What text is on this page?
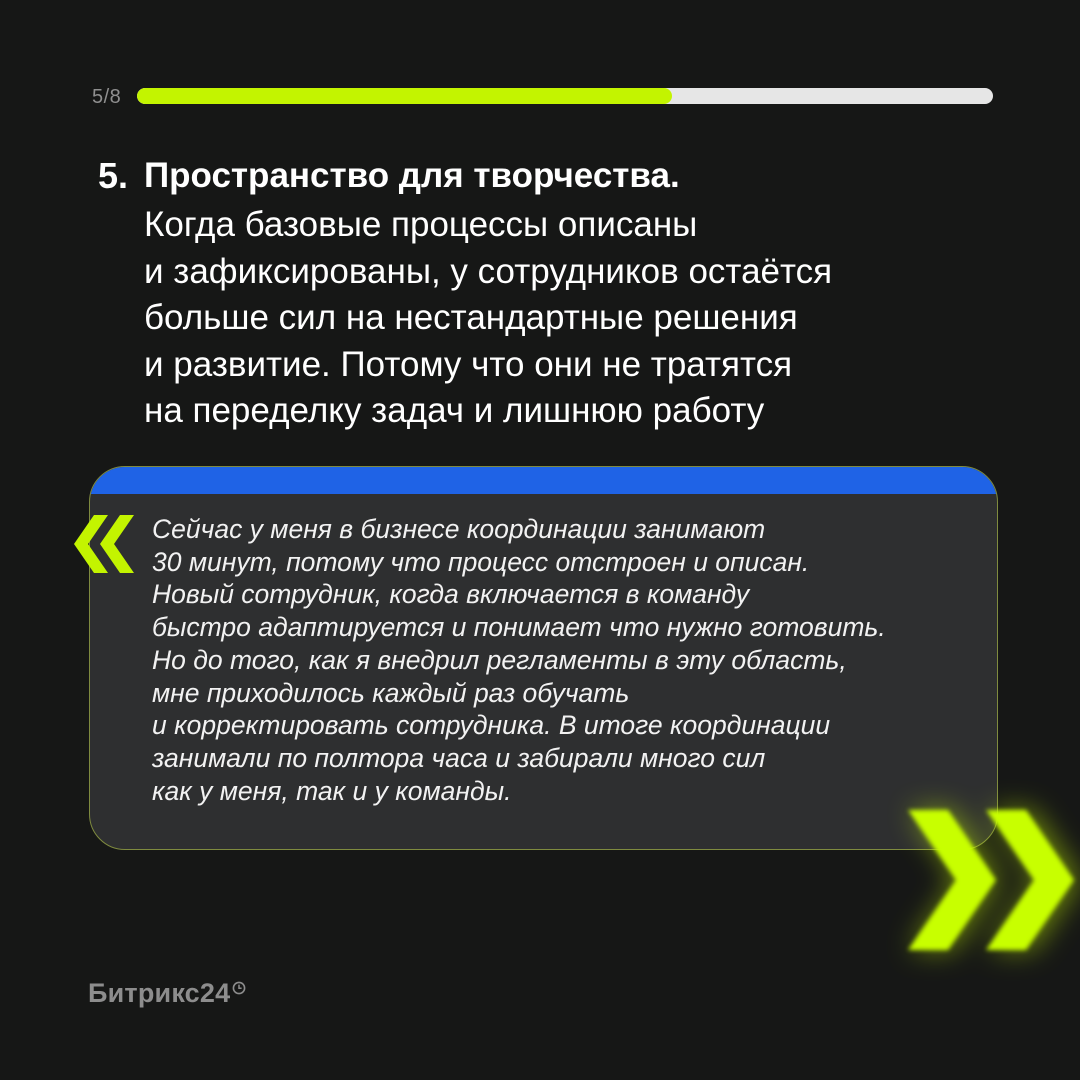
5/8
5. Пространство для творчества.
Когда базовые процессы описаны
и зафиксированы, у сотрудников остаётся
больше сил на нестандартные решения
и развитие. Потому что они не тратятся
на переделку задач и лишнюю работу
Сейчас у меня в бизнесе координации занимают
30 минут, потому что процесс отстроен и описан.
Новый сотрудник, когда включается в команду
быстро адаптируется и понимает что нужно готовить.
Но до того, как я внедрил регламенты в эту область,
мне приходилось каждый раз обучать
и корректировать сотрудника. В итоге координации
занимали по полтора часа и забирали много сил
как у меня, так и у команды.
Битрикс24
